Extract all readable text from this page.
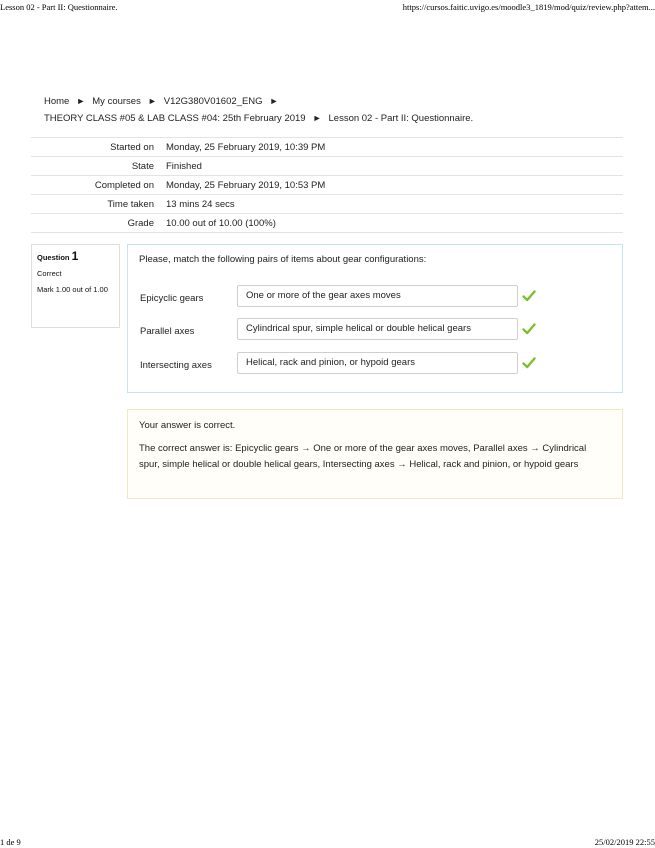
Lesson 02 - Part II: Questionnaire.	https://cursos.faitic.uvigo.es/moodle3_1819/mod/quiz/review.php?attem...
Home ► My courses ► V12G380V01602_ENG ►
THEORY CLASS #05 & LAB CLASS #04: 25th February 2019 ► Lesson 02 - Part II: Questionnaire.
Started on	Monday, 25 February 2019, 10:39 PM
State	Finished
Completed on	Monday, 25 February 2019, 10:53 PM
Time taken	13 mins 24 secs
Grade	10.00 out of 10.00 (100%)
Question 1
Correct
Mark 1.00 out of 1.00
Please, match the following pairs of items about gear configurations:
Epicyclic gears	One or more of the gear axes moves
Parallel axes	Cylindrical spur, simple helical or double helical gears
Intersecting axes	Helical, rack and pinion, or hypoid gears
Your answer is correct.
The correct answer is: Epicyclic gears → One or more of the gear axes moves, Parallel axes → Cylindrical spur, simple helical or double helical gears, Intersecting axes → Helical, rack and pinion, or hypoid gears
1 de 9	25/02/2019 22:55
